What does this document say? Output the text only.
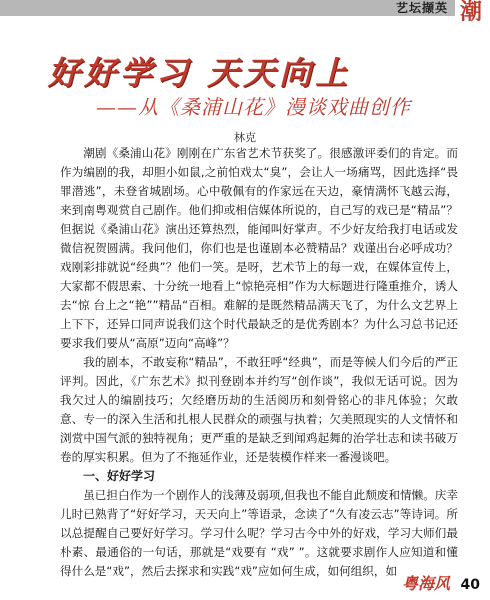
艺坛撷英 潮
好好学习 天天向上
——从《桑浦山花》漫谈戏曲创作
林克

潮剧《桑浦山花》刚刚在广东省艺术节获奖了。很感激评委们的肯定。而作为编剧的我，却胆小如鼠,之前怕戏太“臭”，会让人一场痛骂，因此选择“畏罪潜逃”，未登省城剧场。心中敬佩有的作家远在天边，豪情满怀飞越云海，来到南粤观赏自己剧作。他们抑或相信媒体所说的，自己写的戏已是“精品”？但据说《桑浦山花》演出还算热烈，能闻叫好掌声。不少好友给我打电话或发微信祝贺圆满。我问他们，你们也是也谨剧本必赞精品？戏谨出台必呼成功？戏刚彩排就说“经典”？他们一笑。是呀，艺术节上的每一戏，在媒体宣传上，大家都不假思索、十分统一地看上“惊艳亮相”作为大标题进行隆重推介，诱人去“惊 台上之“艳””精品“百相。难解的是既然精品满天飞了，为什么文艺界上上下下，还异口同声说我们这个时代最缺乏的是优秀剧本？为什么习总书记还要求我们要从“高原”迈向“高峰”？

我的剧本，不敢妄称“精品”，不敢狂呼“经典”，而是等候人们今后的严正评判。因此，《广东艺术》拟刊登剧本并约写“创作谈”，我似无话可说。因为我欠过人的编剧技巧；欠经磨历劫的生活阅历和刻骨铭心的非凡体验；欠敢意、专一的深入生活和扎根人民群众的顽强与执着；欠美照现实的人文情怀和浏赏中国气派的独特视角；更严重的是缺乏到闻鸡起舞的治学壮志和读书破万卷的厚实积累。但为了不拖延作业，还是装模作样来一番漫谈吧。

一、好好学习

虽已担白作为一个剧作人的浅薄及弱项,但我也不能自此颓废和情懒。庆幸儿时已熟背了“好好学习，天天向上”等语录，念读了“久有凌云志”等诗词。所以总提醒自己要好好学习。学习什么呢？学习古今中外的好戏，学习大师们最朴素、最通俗的一句话，那就是“戏要有 “戏” ”。这就要求剧作人应知道和懂得什么是“戏”，然后去探求和实践“戏”应如何生成，如何组织，如

粤海风 40
